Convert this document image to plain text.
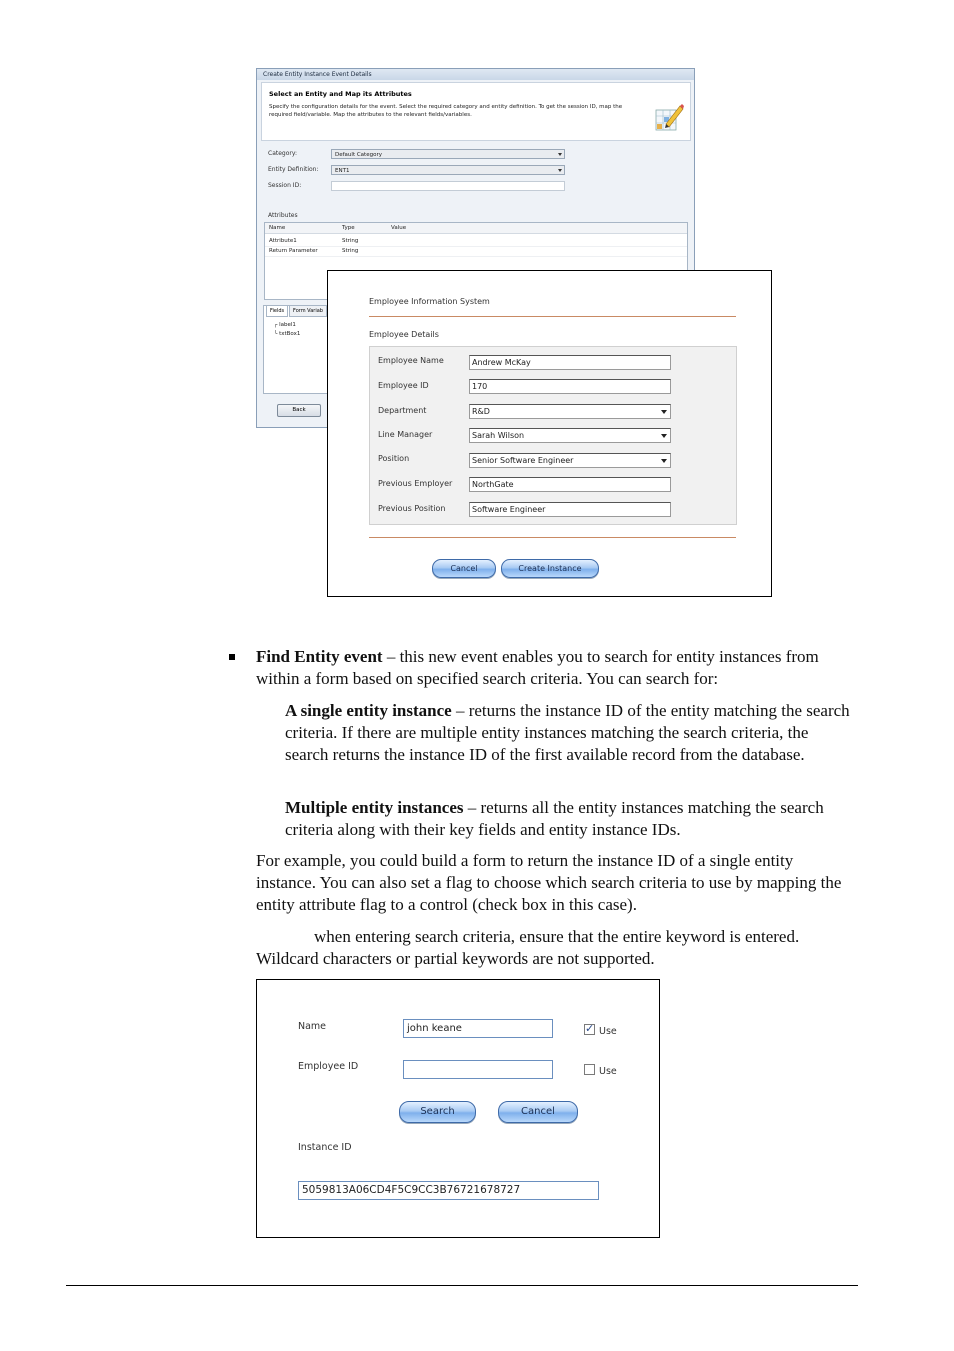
Create Entity Instance Event Details
Select an Entity and Map its Attributes
Specify the configuration details for the event. Select the required category and entity definition. To get the session ID, map the required field/variable. Map the attributes to the relevant fields/variables.
Category:	Default Category
Entity Definition:	ENT1
Session ID:
Attributes
Name	Type	Value
Attribute1	String
Return Parameter	String
Fields	Form Variab
┌ label1
└ txtBox1
Back
Employee Information System
Employee Details
Employee Name	Andrew McKay
Employee ID	170
Department	R&D
Line Manager	Sarah Wilson
Position	Senior Software Engineer
Previous Employer	NorthGate
Previous Position	Software Engineer
Cancel	Create Instance
Find Entity event – this new event enables you to search for entity instances from within a form based on specified search criteria. You can search for:
A single entity instance – returns the instance ID of the entity matching the search criteria. If there are multiple entity instances matching the search criteria, the search returns the instance ID of the first available record from the database.
Multiple entity instances – returns all the entity instances matching the search criteria along with their key fields and entity instance IDs.
For example, you could build a form to return the instance ID of a single entity instance. You can also set a flag to choose which search criteria to use by mapping the entity attribute flag to a control (check box in this case).
when entering search criteria, ensure that the entire keyword is entered. Wildcard characters or partial keywords are not supported.
Name	john keane
✓	Use
Employee ID	Use
Search	Cancel
Instance ID
5059813A06CD4F5C9CC3B76721678727
